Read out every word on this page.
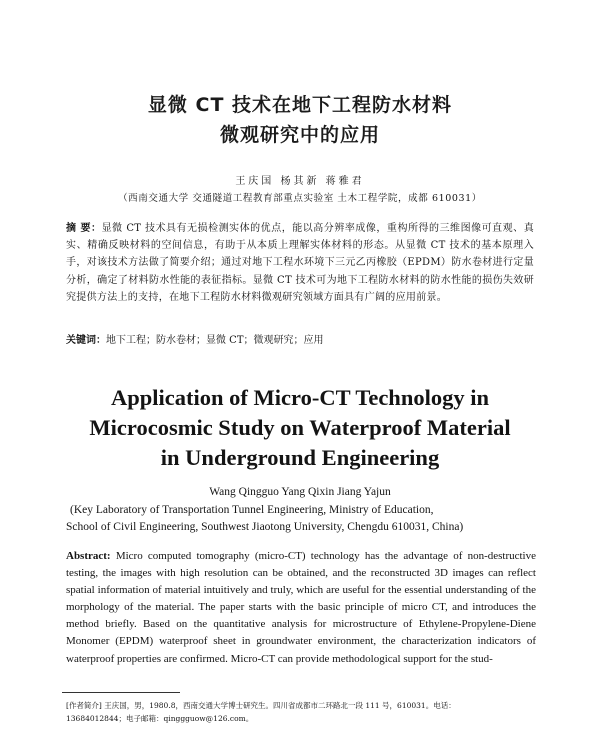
显微 CT 技术在地下工程防水材料
微观研究中的应用
王庆国 杨其新 蒋雅君
（西南交通大学 交通隧道工程教育部重点实验室 土木工程学院，成都 610031）
摘 要：显微 CT 技术具有无损检测实体的优点，能以高分辨率成像，重构所得的三维图像可直观、真实、精确反映材料的空间信息，有助于从本质上理解实体材料的形态。从显微 CT 技术的基本原理入手，对该技术方法做了简要介绍；通过对地下工程水环境下三元乙丙橡胶（EPDM）防水卷材进行定量分析，确定了材料防水性能的表征指标。显微 CT 技术可为地下工程防水材料的防水性能的损伤失效研究提供方法上的支持，在地下工程防水材料微观研究领域方面具有广阔的应用前景。
关键词：地下工程；防水卷材；显微 CT；微观研究；应用
Application of Micro-CT Technology in
Microcosmic Study on Waterproof Material
in Underground Engineering
Wang Qingguo Yang Qixin Jiang Yajun
(Key Laboratory of Transportation Tunnel Engineering, Ministry of Education,
School of Civil Engineering, Southwest Jiaotong University, Chengdu 610031, China)
Abstract: Micro computed tomography (micro-CT) technology has the advantage of non-destructive testing, the images with high resolution can be obtained, and the reconstructed 3D images can reflect spatial information of material intuitively and truly, which are useful for the essential understanding of the morphology of the material. The paper starts with the basic principle of micro CT, and introduces the method briefly. Based on the quantitative analysis for microstructure of Ethylene-Propylene-Diene Monomer (EPDM) waterproof sheet in groundwater environment, the characterization indicators of waterproof properties are confirmed. Micro-CT can provide methodological support for the stud-
[作者简介] 王庆国，男，1980.8，西南交通大学博士研究生。四川省成都市二环路北一段 111 号，610031。电话：
13684012844；电子邮箱：qinggguow@126.com。
